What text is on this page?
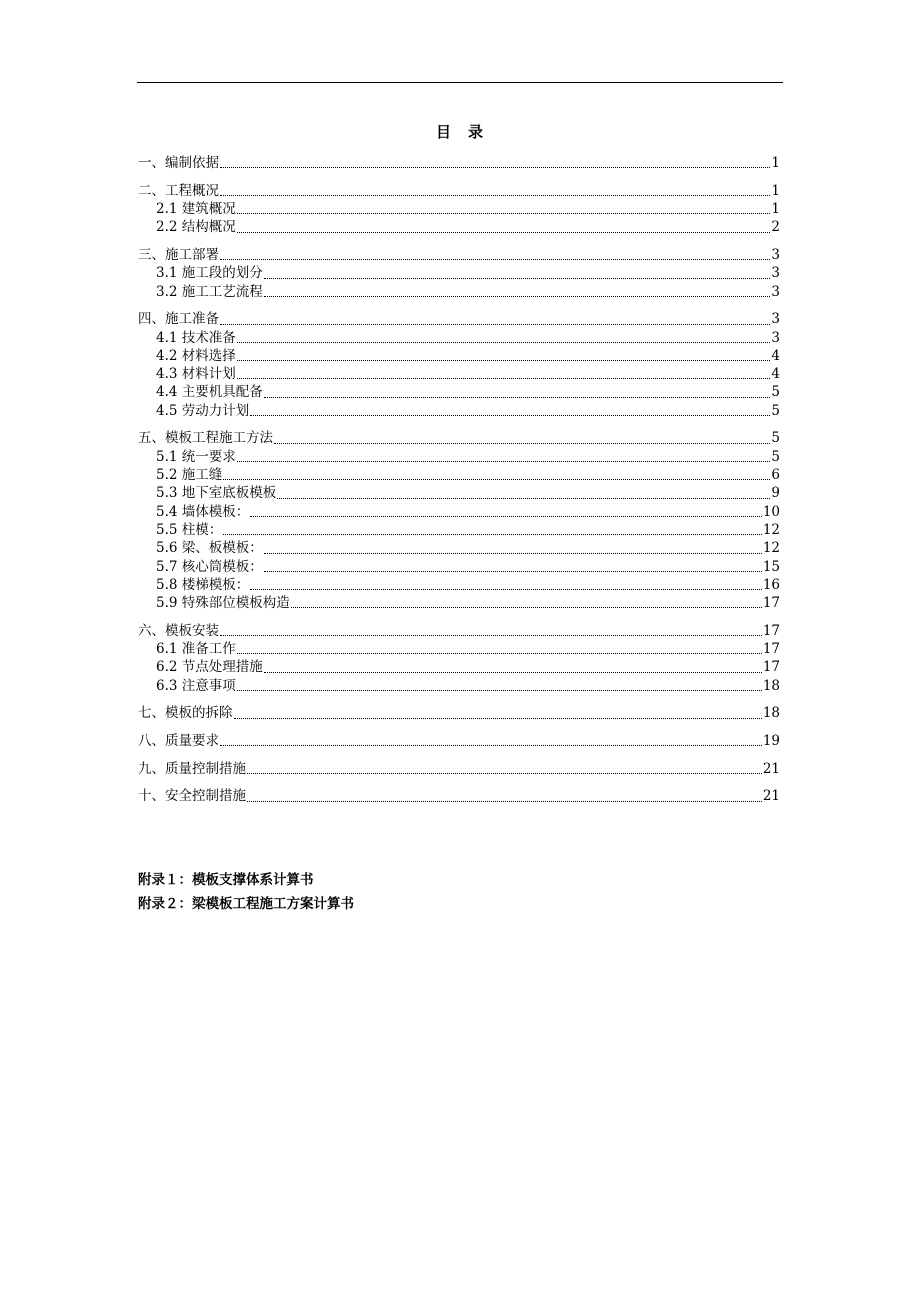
目　录
一、编制依据	1
二、工程概况	1
2.1 建筑概况	1
2.2 结构概况	2
三、施工部署	3
3.1 施工段的划分	3
3.2 施工工艺流程	3
四、施工准备	3
4.1 技术准备	3
4.2 材料选择	4
4.3 材料计划	4
4.4 主要机具配备	5
4.5 劳动力计划	5
五、模板工程施工方法	5
5.1 统一要求	5
5.2 施工缝	6
5.3 地下室底板模板	9
5.4 墙体模板：	10
5.5 柱模：	12
5.6 梁、板模板：	12
5.7 核心筒模板：	15
5.8 楼梯模板：	16
5.9 特殊部位模板构造	17
六、模板安装	17
6.1 准备工作	17
6.2 节点处理措施	17
6.3 注意事项	18
七、模板的拆除	18
八、质量要求	19
九、质量控制措施	21
十、安全控制措施	21
附录１：模板支撑体系计算书
附录２：梁模板工程施工方案计算书
